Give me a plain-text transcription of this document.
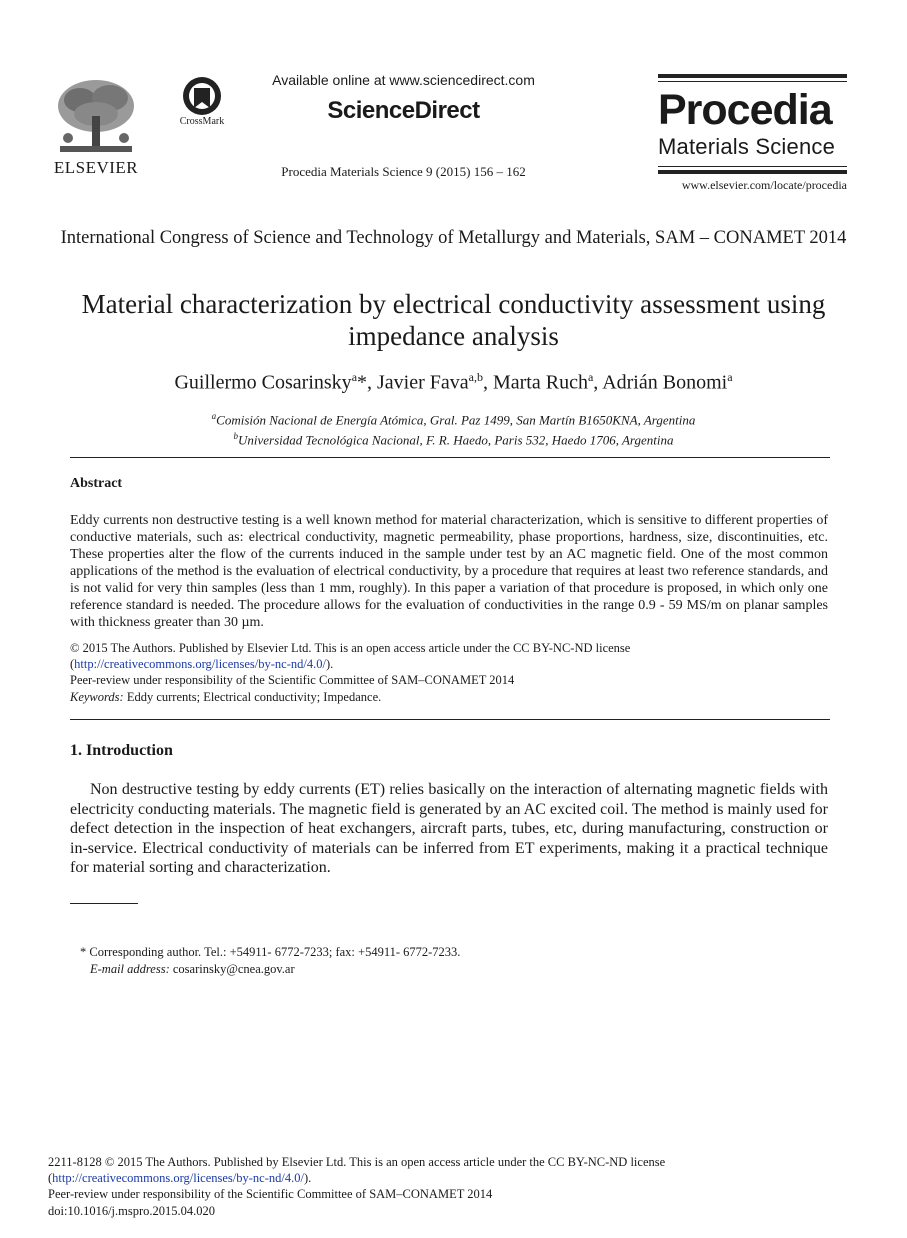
ELSEVIER
CrossMark
Available online at www.sciencedirect.com
ScienceDirect
Procedia Materials Science 9 (2015) 156 – 162
Procedia
Materials Science
www.elsevier.com/locate/procedia
International Congress of Science and Technology of Metallurgy and Materials, SAM – CONAMET 2014
Material characterization by electrical conductivity assessment using impedance analysis
Guillermo Cosarinsky$^a$*, Javier Fava$^{a,b}$, Marta Ruch$^a$, Adrián Bonomi$^a$
$^a$Comisión Nacional de Energía Atómica, Gral. Paz 1499, San Martín B1650KNA, Argentina
$^b$Universidad Tecnológica Nacional, F. R. Haedo, Paris 532, Haedo 1706, Argentina
Abstract
Eddy currents non destructive testing is a well known method for material characterization, which is sensitive to different properties of conductive materials, such as: electrical conductivity, magnetic permeability, phase proportions, hardness, size, discontinuities, etc. These properties alter the flow of the currents induced in the sample under test by an AC magnetic field. One of the most common applications of the method is the evaluation of electrical conductivity, by a procedure that requires at least two reference standards, and is not valid for very thin samples (less than 1 mm, roughly). In this paper a variation of that procedure is proposed, in which only one reference standard is needed. The procedure allows for the evaluation of conductivities in the range 0.9 - 59 MS/m on planar samples with thickness greater than 30 µm.
© 2015 The Authors. Published by Elsevier Ltd. This is an open access article under the CC BY-NC-ND license
(http://creativecommons.org/licenses/by-nc-nd/4.0/).
Peer-review under responsibility of the Scientific Committee of SAM–CONAMET 2014
Keywords: Eddy currents; Electrical conductivity; Impedance.
1. Introduction
Non destructive testing by eddy currents (ET) relies basically on the interaction of alternating magnetic fields with electricity conducting materials. The magnetic field is generated by an AC excited coil. The method is mainly used for defect detection in the inspection of heat exchangers, aircraft parts, tubes, etc, during manufacturing, construction or in-service. Electrical conductivity of materials can be inferred from ET experiments, making it a practical technique for material sorting and characterization.
* Corresponding author. Tel.: +54911- 6772-7233; fax: +54911- 6772-7233.
E-mail address: cosarinsky@cnea.gov.ar
2211-8128 © 2015 The Authors. Published by Elsevier Ltd. This is an open access article under the CC BY-NC-ND license
(http://creativecommons.org/licenses/by-nc-nd/4.0/).
Peer-review under responsibility of the Scientific Committee of SAM–CONAMET 2014
doi:10.1016/j.mspro.2015.04.020
